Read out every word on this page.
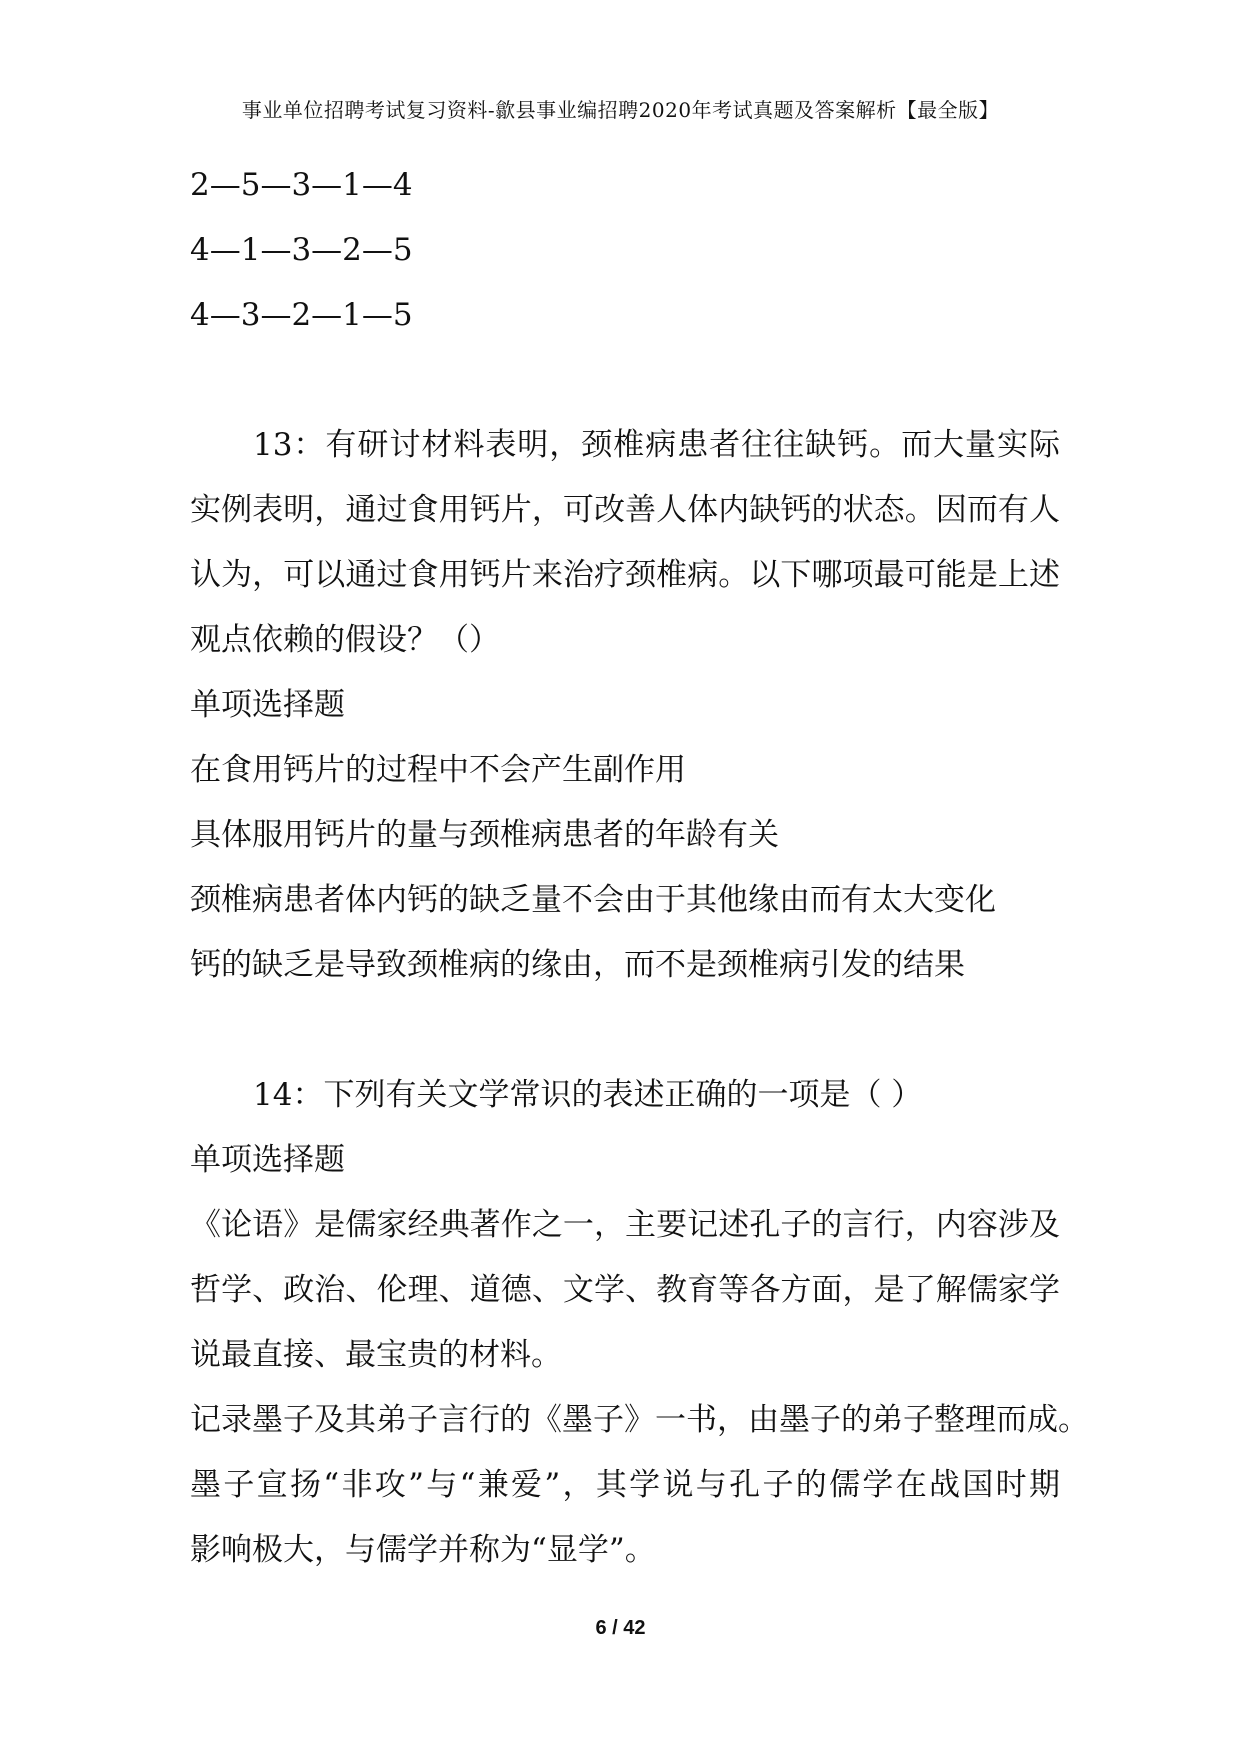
事业单位招聘考试复习资料-歙县事业编招聘2020年考试真题及答案解析【最全版】
2—5—3—1—4
4—1—3—2—5
4—3—2—1—5
13：有研讨材料表明，颈椎病患者往往缺钙。而大量实际
实例表明，通过食用钙片，可改善人体内缺钙的状态。因而有人
认为，可以通过食用钙片来治疗颈椎病。以下哪项最可能是上述
观点依赖的假设？（）
单项选择题
在食用钙片的过程中不会产生副作用
具体服用钙片的量与颈椎病患者的年龄有关
颈椎病患者体内钙的缺乏量不会由于其他缘由而有太大变化
钙的缺乏是导致颈椎病的缘由，而不是颈椎病引发的结果
14：下列有关文学常识的表述正确的一项是（ ）
单项选择题
《论语》是儒家经典著作之一，主要记述孔子的言行，内容涉及
哲学、政治、伦理、道德、文学、教育等各方面，是了解儒家学
说最直接、最宝贵的材料。
记录墨子及其弟子言行的《墨子》一书，由墨子的弟子整理而成。
墨子宣扬“非攻”与“兼爱”，其学说与孔子的儒学在战国时期
影响极大，与儒学并称为“显学”。
6 / 42
